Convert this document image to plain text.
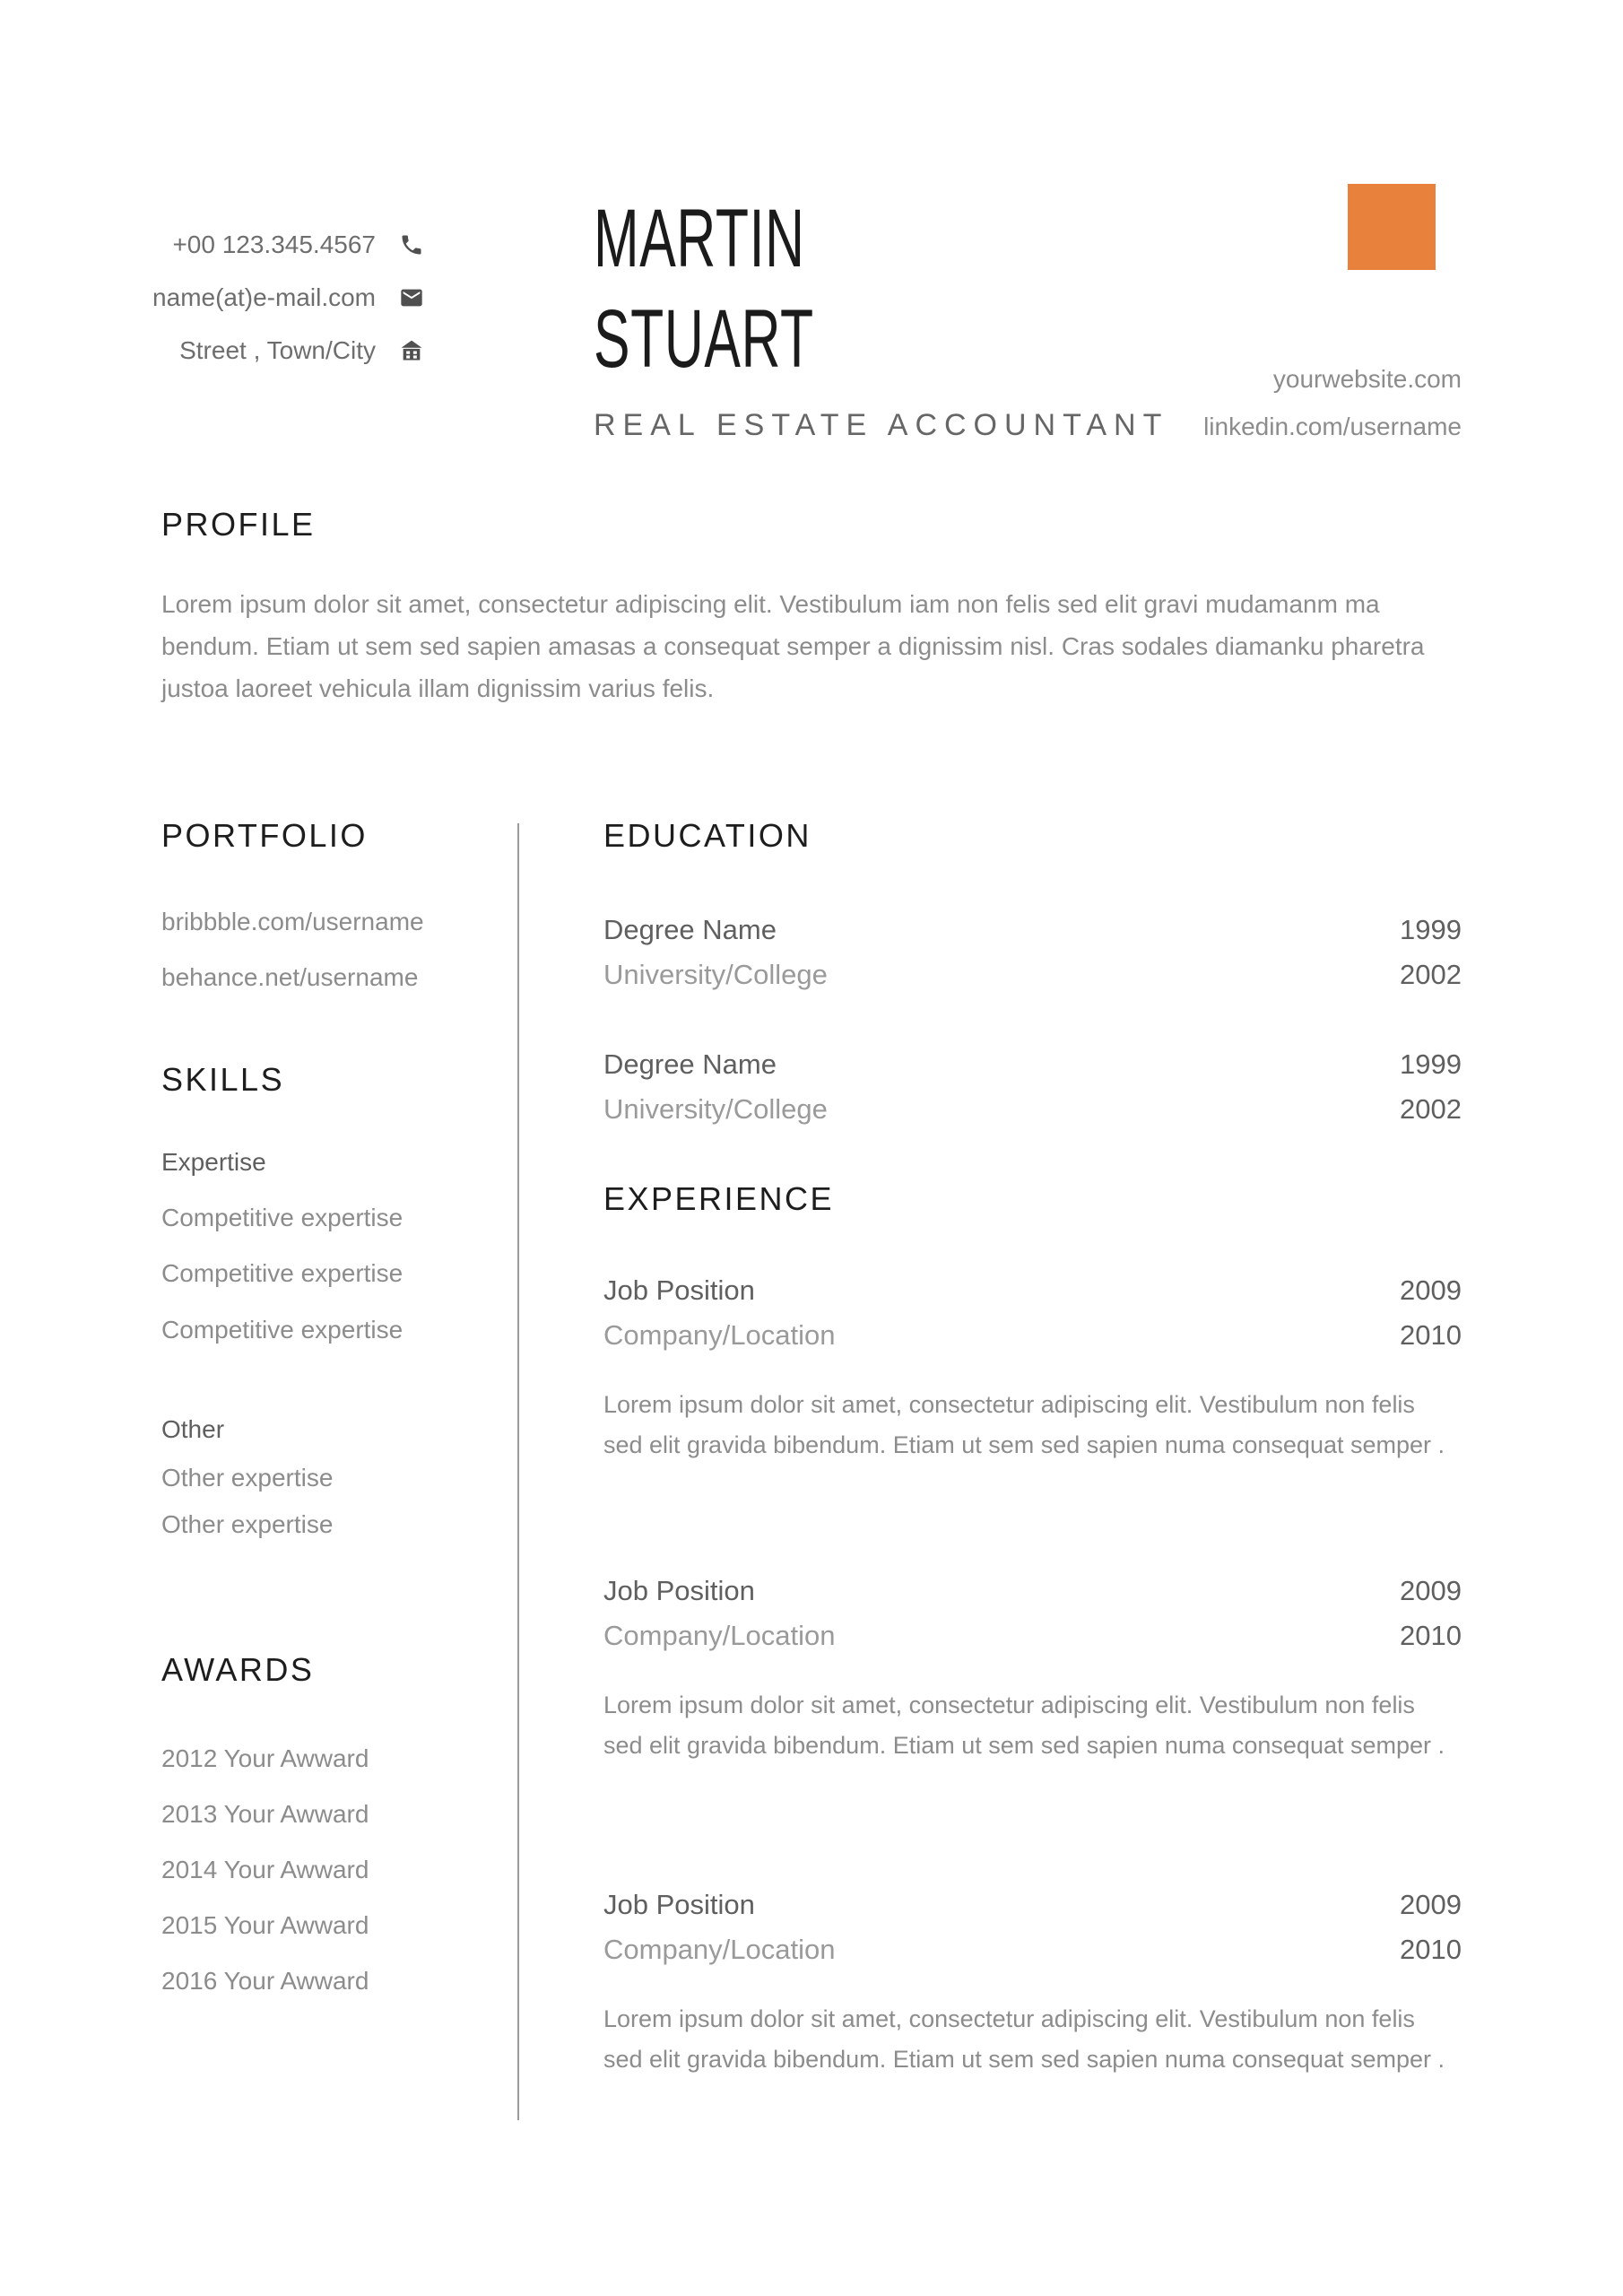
+00 123.345.4567
name(at)e-mail.com
Street , Town/City
MARTIN
STUART
REAL ESTATE ACCOUNTANT
yourwebsite.com
linkedin.com/username
PROFILE
Lorem ipsum dolor sit amet, consectetur adipiscing elit. Vestibulum iam non felis sed elit gravi mudamanm ma bendum. Etiam ut sem sed sapien amasas a consequat semper a dignissim nisl. Cras sodales diamanku pharetra justoa laoreet vehicula illam dignissim varius felis.
PORTFOLIO
bribbble.com/username
behance.net/username
SKILLS
Expertise
Competitive expertise
Competitive expertise
Competitive expertise
Other
Other expertise
Other expertise
AWARDS
2012 Your Awward
2013 Your Awward
2014 Your Awward
2015 Your Awward
2016 Your Awward
EDUCATION
Degree Name	1999
University/College	2002
Degree Name	1999
University/College	2002
EXPERIENCE
Job Position	2009
Company/Location	2010
Lorem ipsum dolor sit amet, consectetur adipiscing elit. Vestibulum non felis sed elit gravida bibendum. Etiam ut sem sed sapien numa consequat semper .
Job Position	2009
Company/Location	2010
Lorem ipsum dolor sit amet, consectetur adipiscing elit. Vestibulum non felis sed elit gravida bibendum. Etiam ut sem sed sapien numa consequat semper .
Job Position	2009
Company/Location	2010
Lorem ipsum dolor sit amet, consectetur adipiscing elit. Vestibulum non felis sed elit gravida bibendum. Etiam ut sem sed sapien numa consequat semper .
